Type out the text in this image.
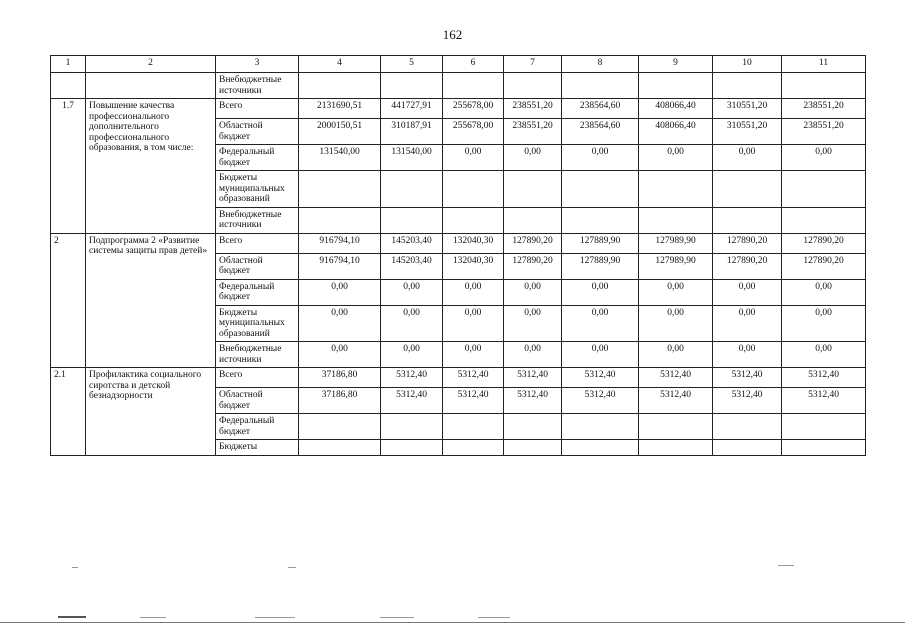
162
1	2	3	4	5	6	7	8	9	10	11
		Внебюджетные источники								
1.7	Повышение качества профессионального дополнительного профессионального образования, в том числе:	Всего	2131690,51	441727,91	255678,00	238551,20	238564,60	408066,40	310551,20	238551,20
		Областной бюджет	2000150,51	310187,91	255678,00	238551,20	238564,60	408066,40	310551,20	238551,20
		Федеральный бюджет	131540,00	131540,00	0,00	0,00	0,00	0,00	0,00	0,00
		Бюджеты муниципальных образований								
		Внебюджетные источники								
2	Подпрограмма 2 «Развитие системы защиты прав детей»	Всего	916794,10	145203,40	132040,30	127890,20	127889,90	127989,90	127890,20	127890,20
		Областной бюджет	916794,10	145203,40	132040,30	127890,20	127889,90	127989,90	127890,20	127890,20
		Федеральный бюджет	0,00	0,00	0,00	0,00	0,00	0,00	0,00	0,00
		Бюджеты муниципальных образований	0,00	0,00	0,00	0,00	0,00	0,00	0,00	0,00
		Внебюджетные источники	0,00	0,00	0,00	0,00	0,00	0,00	0,00	0,00
2.1	Профилактика социального сиротства и детской безнадзорности	Всего	37186,80	5312,40	5312,40	5312,40	5312,40	5312,40	5312,40	5312,40
		Областной бюджет	37186,80	5312,40	5312,40	5312,40	5312,40	5312,40	5312,40	5312,40
		Федеральный бюджет								
		Бюджеты								
